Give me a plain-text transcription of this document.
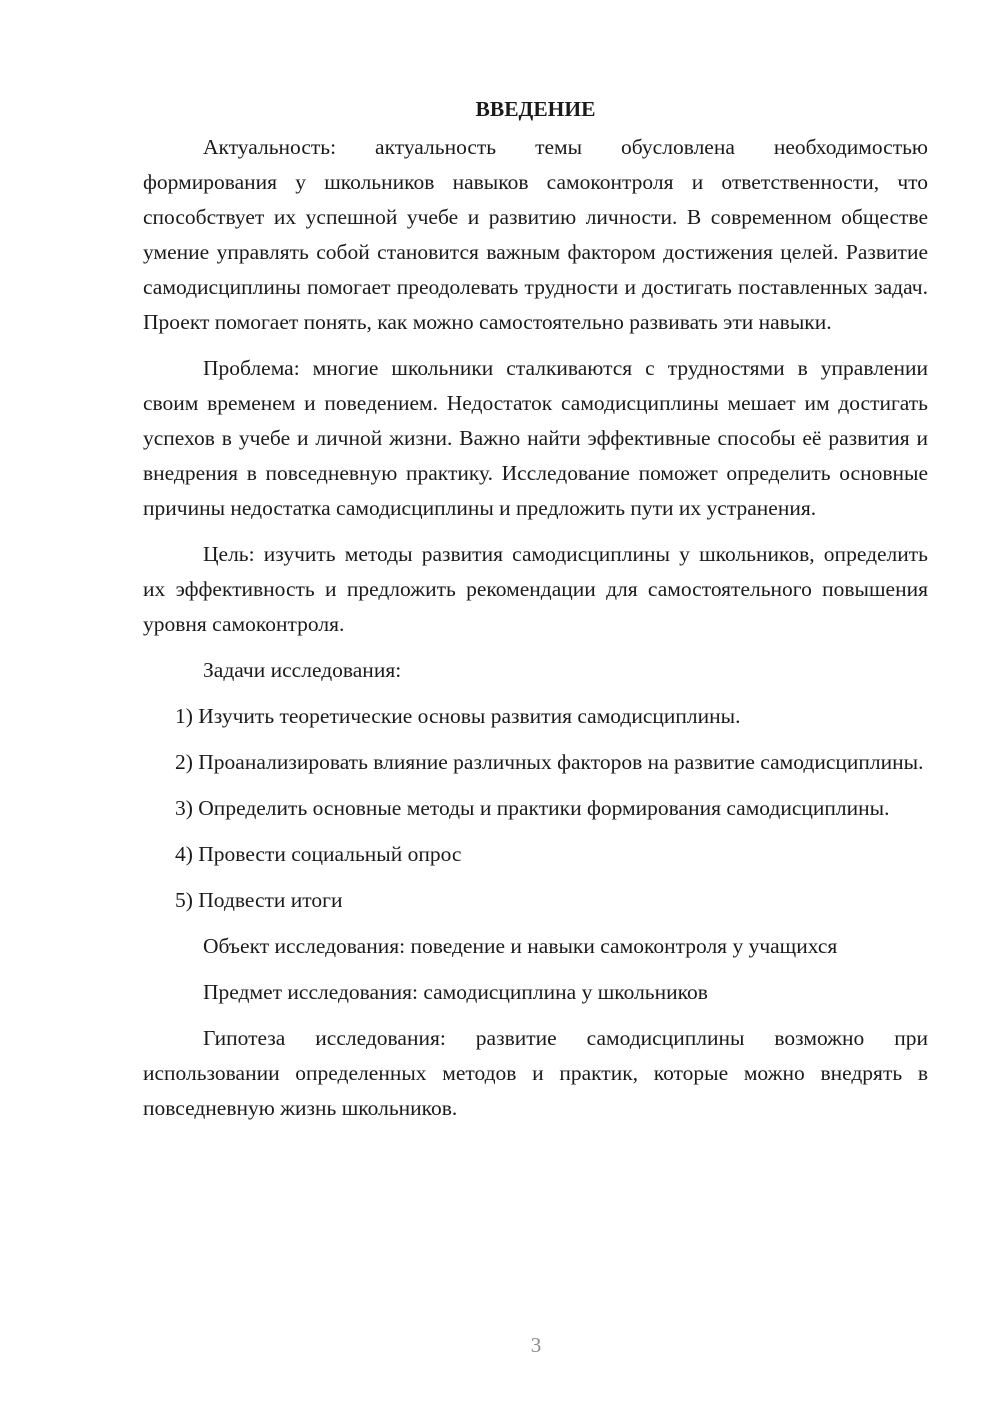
ВВЕДЕНИЕ

Актуальность: актуальность темы обусловлена необходимостью формирования у школьников навыков самоконтроля и ответственности, что способствует их успешной учебе и развитию личности. В современном обществе умение управлять собой становится важным фактором достижения целей. Развитие самодисциплины помогает преодолевать трудности и достигать поставленных задач. Проект помогает понять, как можно самостоятельно развивать эти навыки.

Проблема: многие школьники сталкиваются с трудностями в управлении своим временем и поведением. Недостаток самодисциплины мешает им достигать успехов в учебе и личной жизни. Важно найти эффективные способы её развития и внедрения в повседневную практику. Исследование поможет определить основные причины недостатка самодисциплины и предложить пути их устранения.

Цель: изучить методы развития самодисциплины у школьников, определить их эффективность и предложить рекомендации для самостоятельного повышения уровня самоконтроля.

Задачи исследования:

1) Изучить теоретические основы развития самодисциплины.

2) Проанализировать влияние различных факторов на развитие самодисциплины.

3) Определить основные методы и практики формирования самодисциплины.

4) Провести социальный опрос

5) Подвести итоги

Объект исследования: поведение и навыки самоконтроля у учащихся

Предмет исследования: самодисциплина у школьников

Гипотеза исследования: развитие самодисциплины возможно при использовании определенных методов и практик, которые можно внедрять в повседневную жизнь школьников.

3
